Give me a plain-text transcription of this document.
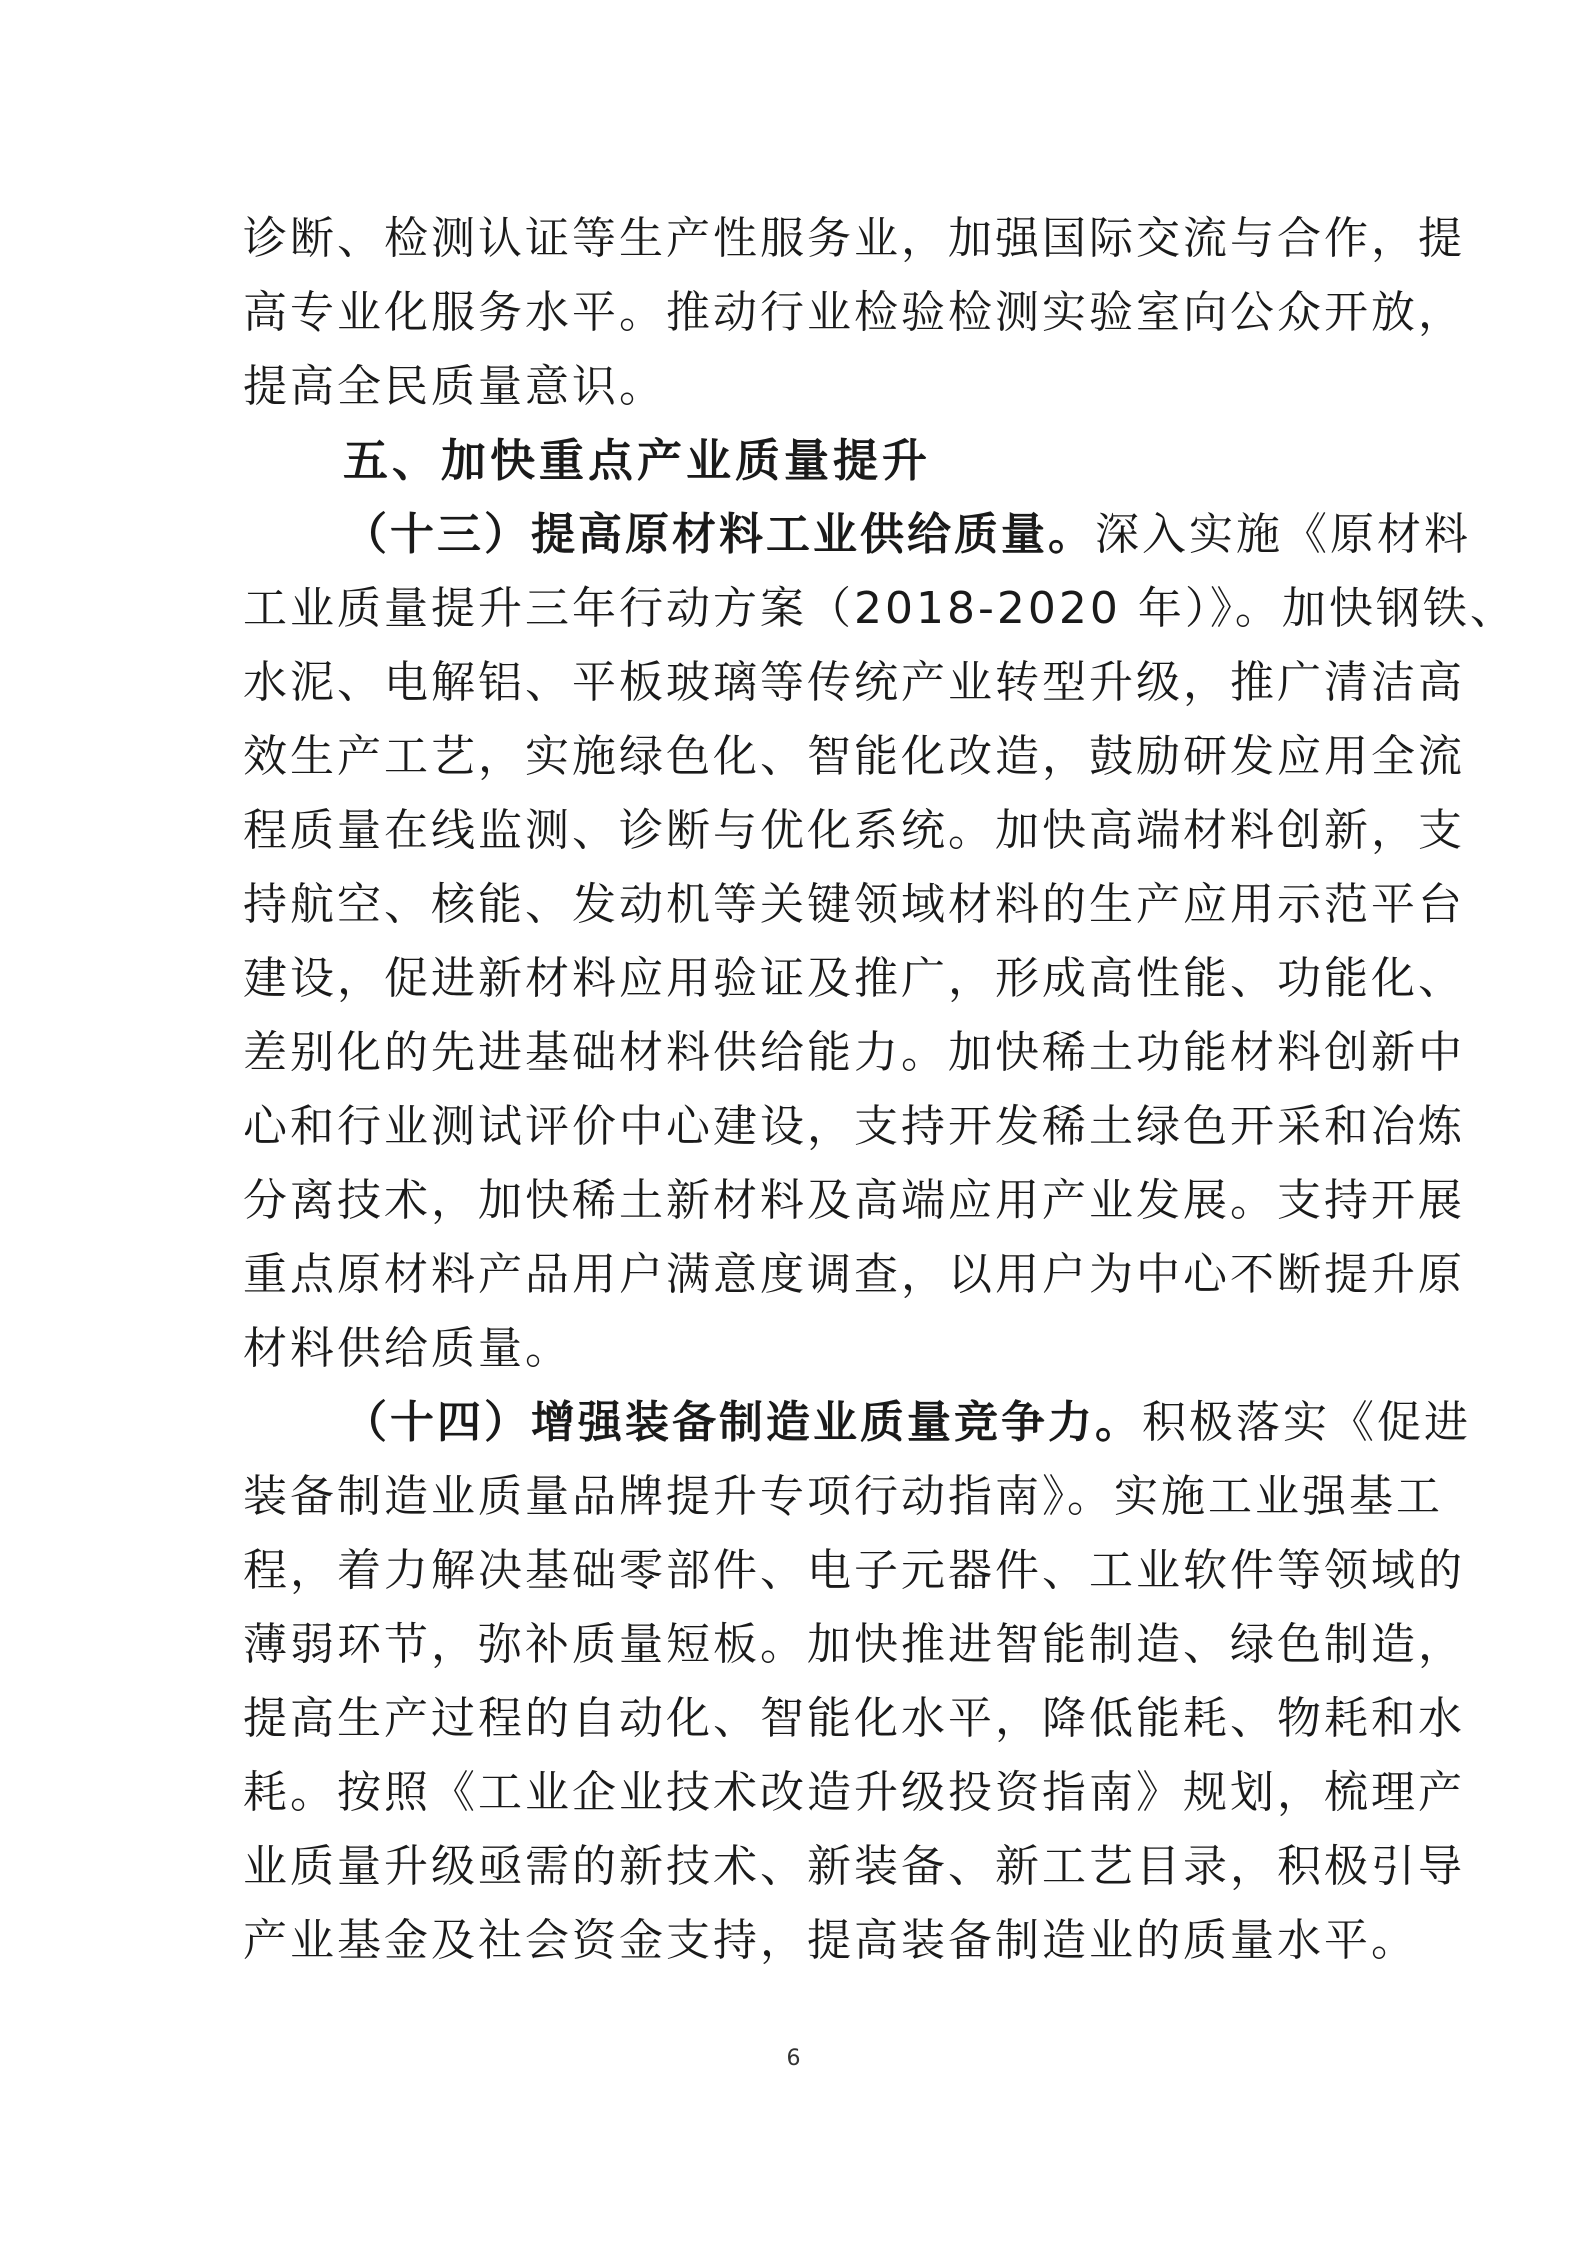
诊断、检测认证等生产性服务业，加强国际交流与合作，提
高专业化服务水平。推动行业检验检测实验室向公众开放，
提高全民质量意识。
五、加快重点产业质量提升
（十三）提高原材料工业供给质量。深入实施《原材料
工业质量提升三年行动方案（2018-2020 年）》。加快钢铁、
水泥、电解铝、平板玻璃等传统产业转型升级，推广清洁高
效生产工艺，实施绿色化、智能化改造，鼓励研发应用全流
程质量在线监测、诊断与优化系统。加快高端材料创新，支
持航空、核能、发动机等关键领域材料的生产应用示范平台
建设，促进新材料应用验证及推广，形成高性能、功能化、
差别化的先进基础材料供给能力。加快稀土功能材料创新中
心和行业测试评价中心建设，支持开发稀土绿色开采和冶炼
分离技术，加快稀土新材料及高端应用产业发展。支持开展
重点原材料产品用户满意度调查，以用户为中心不断提升原
材料供给质量。
（十四）增强装备制造业质量竞争力。积极落实《促进
装备制造业质量品牌提升专项行动指南》。实施工业强基工
程，着力解决基础零部件、电子元器件、工业软件等领域的
薄弱环节，弥补质量短板。加快推进智能制造、绿色制造，
提高生产过程的自动化、智能化水平，降低能耗、物耗和水
耗。按照《工业企业技术改造升级投资指南》规划，梳理产
业质量升级亟需的新技术、新装备、新工艺目录，积极引导
产业基金及社会资金支持，提高装备制造业的质量水平。
6
